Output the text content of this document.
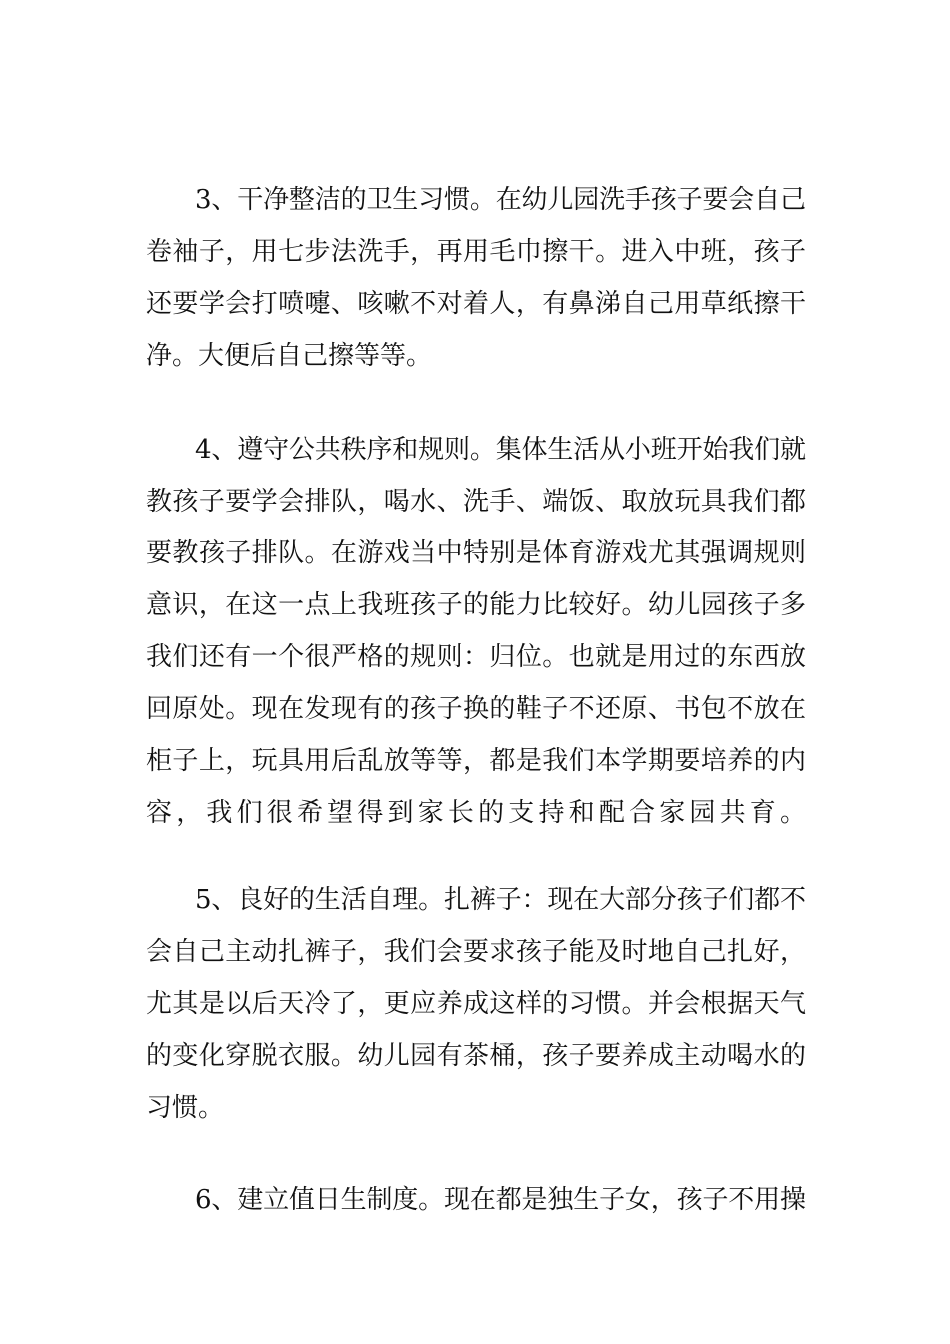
3、干净整洁的卫生习惯。在幼儿园洗手孩子要会自己
卷袖子，用七步法洗手，再用毛巾擦干。进入中班，孩子
还要学会打喷嚏、咳嗽不对着人，有鼻涕自己用草纸擦干
净。大便后自己擦等等。
4、遵守公共秩序和规则。集体生活从小班开始我们就
教孩子要学会排队，喝水、洗手、端饭、取放玩具我们都
要教孩子排队。在游戏当中特别是体育游戏尤其强调规则
意识，在这一点上我班孩子的能力比较好。幼儿园孩子多
我们还有一个很严格的规则：归位。也就是用过的东西放
回原处。现在发现有的孩子换的鞋子不还原、书包不放在
柜子上，玩具用后乱放等等，都是我们本学期要培养的内
容，我们很希望得到家长的支持和配合家园共育。
5、良好的生活自理。扎裤子：现在大部分孩子们都不
会自己主动扎裤子，我们会要求孩子能及时地自己扎好，
尤其是以后天冷了，更应养成这样的习惯。并会根据天气
的变化穿脱衣服。幼儿园有茶桶，孩子要养成主动喝水的
习惯。
6、建立值日生制度。现在都是独生子女，孩子不用操
